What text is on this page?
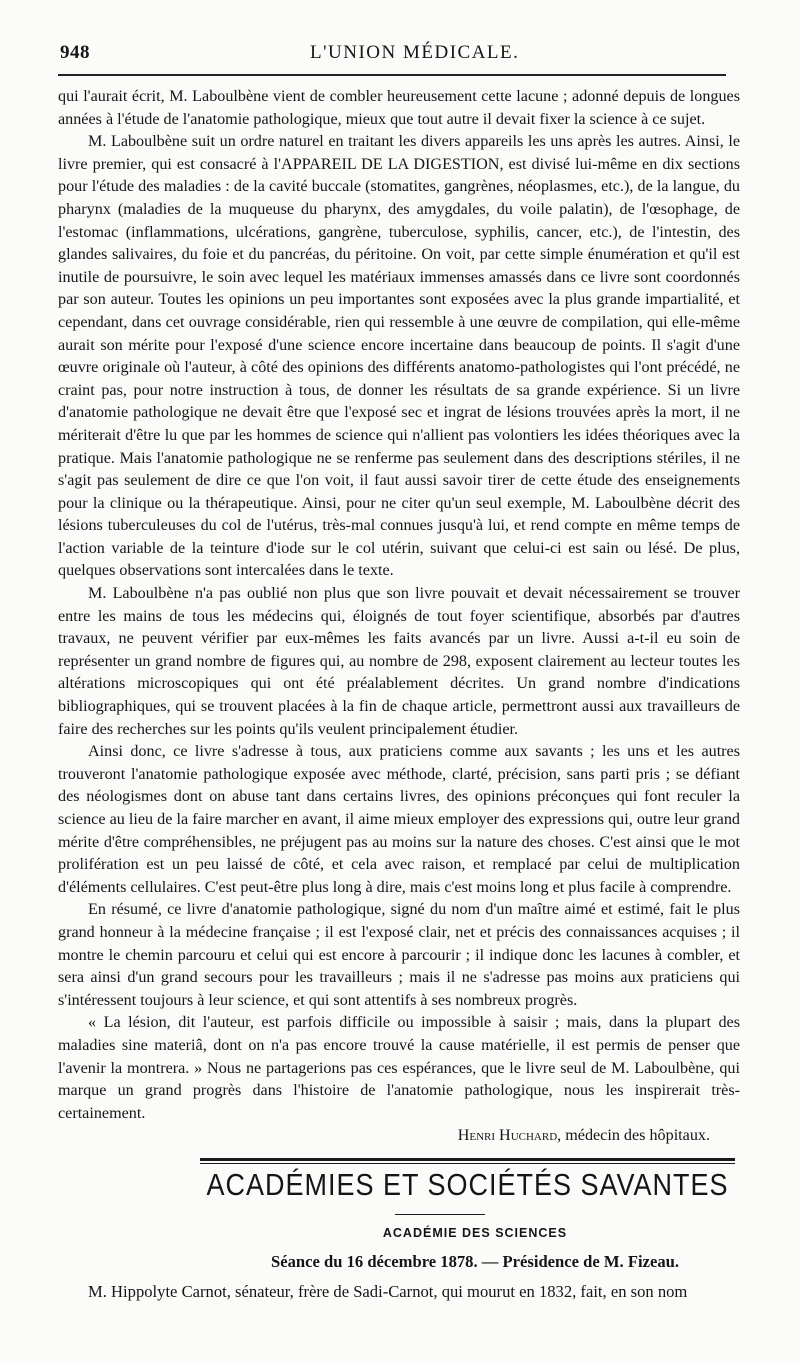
948	L'UNION MÉDICALE.

qui l'aurait écrit, M. Laboulbène vient de combler heureusement cette lacune ; adonné depuis de longues années à l'étude de l'anatomie pathologique, mieux que tout autre il devait fixer la science à ce sujet.

M. Laboulbène suit un ordre naturel en traitant les divers appareils les uns après les autres. Ainsi, le livre premier, qui est consacré à l'APPAREIL DE LA DIGESTION, est divisé lui-même en dix sections pour l'étude des maladies : de la cavité buccale (stomatites, gangrènes, néoplasmes, etc.), de la langue, du pharynx (maladies de la muqueuse du pharynx, des amygdales, du voile palatin), de l'œsophage, de l'estomac (inflammations, ulcérations, gangrène, tuberculose, syphilis, cancer, etc.), de l'intestin, des glandes salivaires, du foie et du pancréas, du péritoine. On voit, par cette simple énumération et qu'il est inutile de poursuivre, le soin avec lequel les matériaux immenses amassés dans ce livre sont coordonnés par son auteur. Toutes les opinions un peu importantes sont exposées avec la plus grande impartialité, et cependant, dans cet ouvrage considérable, rien qui ressemble à une œuvre de compilation, qui elle-même aurait son mérite pour l'exposé d'une science encore incertaine dans beaucoup de points. Il s'agit d'une œuvre originale où l'auteur, à côté des opinions des différents anatomo-pathologistes qui l'ont précédé, ne craint pas, pour notre instruction à tous, de donner les résultats de sa grande expérience. Si un livre d'anatomie pathologique ne devait être que l'exposé sec et ingrat de lésions trouvées après la mort, il ne mériterait d'être lu que par les hommes de science qui n'allient pas volontiers les idées théoriques avec la pratique. Mais l'anatomie pathologique ne se renferme pas seulement dans des descriptions stériles, il ne s'agit pas seulement de dire ce que l'on voit, il faut aussi savoir tirer de cette étude des enseignements pour la clinique ou la thérapeutique. Ainsi, pour ne citer qu'un seul exemple, M. Laboulbène décrit des lésions tuberculeuses du col de l'utérus, très-mal connues jusqu'à lui, et rend compte en même temps de l'action variable de la teinture d'iode sur le col utérin, suivant que celui-ci est sain ou lésé. De plus, quelques observations sont intercalées dans le texte.

M. Laboulbène n'a pas oublié non plus que son livre pouvait et devait nécessairement se trouver entre les mains de tous les médecins qui, éloignés de tout foyer scientifique, absorbés par d'autres travaux, ne peuvent vérifier par eux-mêmes les faits avancés par un livre. Aussi a-t-il eu soin de représenter un grand nombre de figures qui, au nombre de 298, exposent clairement au lecteur toutes les altérations microscopiques qui ont été préalablement décrites. Un grand nombre d'indications bibliographiques, qui se trouvent placées à la fin de chaque article, permettront aussi aux travailleurs de faire des recherches sur les points qu'ils veulent principalement étudier.

Ainsi donc, ce livre s'adresse à tous, aux praticiens comme aux savants ; les uns et les autres trouveront l'anatomie pathologique exposée avec méthode, clarté, précision, sans parti pris ; se défiant des néologismes dont on abuse tant dans certains livres, des opinions préconçues qui font reculer la science au lieu de la faire marcher en avant, il aime mieux employer des expressions qui, outre leur grand mérite d'être compréhensibles, ne préjugent pas au moins sur la nature des choses. C'est ainsi que le mot prolifération est un peu laissé de côté, et cela avec raison, et remplacé par celui de multiplication d'éléments cellulaires. C'est peut-être plus long à dire, mais c'est moins long et plus facile à comprendre.

En résumé, ce livre d'anatomie pathologique, signé du nom d'un maître aimé et estimé, fait le plus grand honneur à la médecine française ; il est l'exposé clair, net et précis des connaissances acquises ; il montre le chemin parcouru et celui qui est encore à parcourir ; il indique donc les lacunes à combler, et sera ainsi d'un grand secours pour les travailleurs ; mais il ne s'adresse pas moins aux praticiens qui s'intéressent toujours à leur science, et qui sont attentifs à ses nombreux progrès.

« La lésion, dit l'auteur, est parfois difficile ou impossible à saisir ; mais, dans la plupart des maladies sine materiâ, dont on n'a pas encore trouvé la cause matérielle, il est permis de penser que l'avenir la montrera. » Nous ne partagerions pas ces espérances, que le livre seul de M. Laboulbène, qui marque un grand progrès dans l'histoire de l'anatomie pathologique, nous les inspirerait très-certainement.

Henri Huchard, médecin des hôpitaux.

ACADÉMIES ET SOCIÉTÉS SAVANTES
ACADÉMIE DES SCIENCES
Séance du 16 décembre 1878. — Présidence de M. Fizeau.
M. Hippolyte Carnot, sénateur, frère de Sadi-Carnot, qui mourut en 1832, fait, en son nom
